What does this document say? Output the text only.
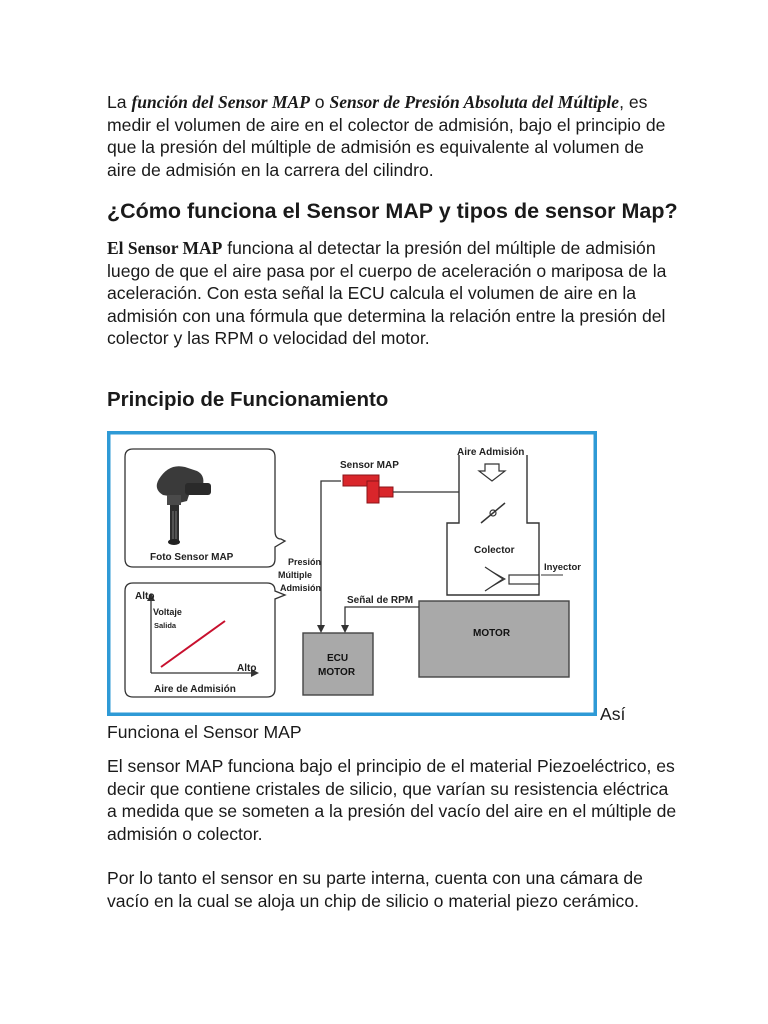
La función del Sensor MAP o Sensor de Presión Absoluta del Múltiple, es medir el volumen de aire en el colector de admisión, bajo el principio de que la presión del múltiple de admisión es equivalente al volumen de aire de admisión en la carrera del cilindro.

¿Cómo funciona el Sensor MAP y tipos de sensor Map?

El Sensor MAP funciona al detectar la presión del múltiple de admisión luego de que el aire pasa por el cuerpo de aceleración o mariposa de la aceleración. Con esta señal la ECU calcula el volumen de aire en la admisión con una fórmula que determina la relación entre la presión del colector y las RPM o velocidad del motor.

Principio de Funcionamiento
Foto Sensor MAP
Alto
Voltaje
Salida
Alto
Aire de Admisión
Presión
Múltiple
Admisión
Sensor MAP
Aire Admisión
Colector
Inyector
MOTOR
Señal de RPM
ECU
MOTOR
Así

Funciona el Sensor MAP

El sensor MAP funciona bajo el principio de el material Piezoeléctrico, es decir que contiene cristales de silicio, que varían su resistencia eléctrica a medida que se someten a la presión del vacío del aire en el múltiple de admisión o colector.

Por lo tanto el sensor en su parte interna, cuenta con una cámara de vacío en la cual se aloja un chip de silicio o material piezo cerámico.
